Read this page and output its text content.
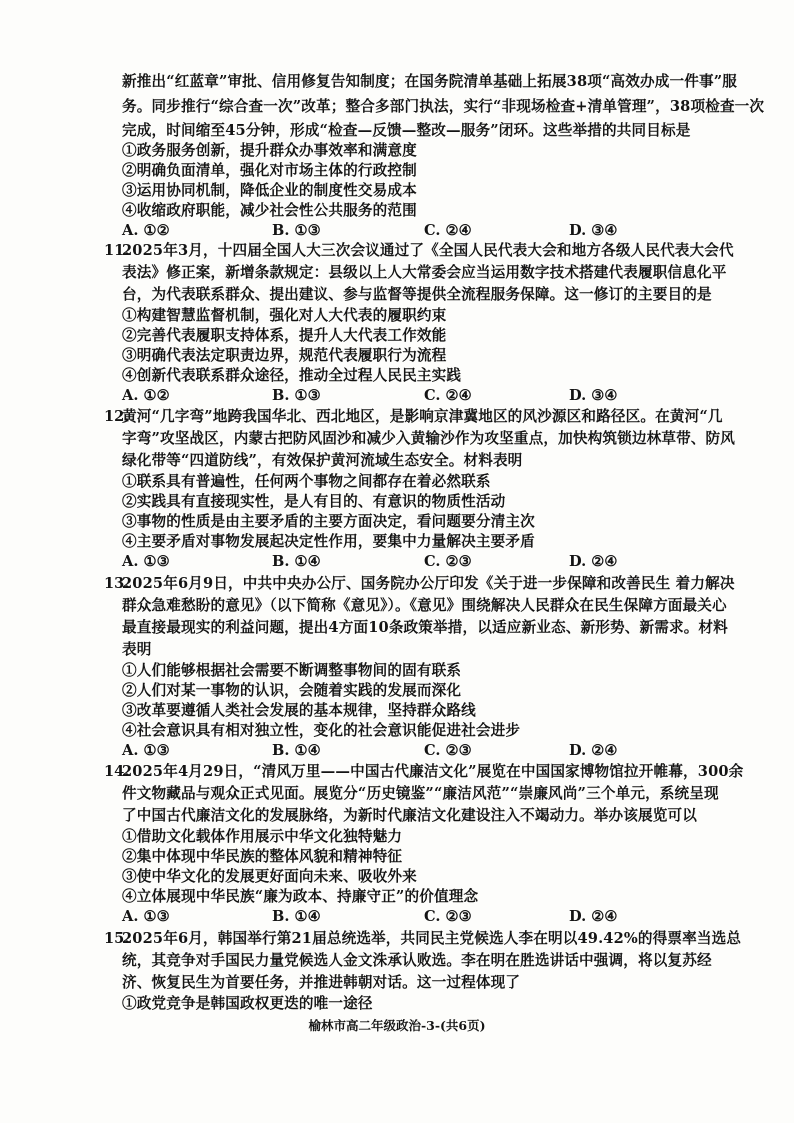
新推出“红蓝章”审批、信用修复告知制度；在国务院清单基础上拓展38项“高效办成一件事”服
务。同步推行“综合查一次”改革；整合多部门执法，实行“非现场检查+清单管理”，38项检查一次
完成，时间缩至45分钟，形成“检查—反馈—整改—服务”闭环。这些举措的共同目标是
①政务服务创新，提升群众办事效率和满意度
②明确负面清单，强化对市场主体的行政控制
③运用协同机制，降低企业的制度性交易成本
④收缩政府职能，减少社会性公共服务的范围
A. ①②	B. ①③	C. ②④	D. ③④
11.
2025年3月，十四届全国人大三次会议通过了《全国人民代表大会和地方各级人民代表大会代
表法》修正案，新增条款规定：县级以上人大常委会应当运用数字技术搭建代表履职信息化平
台，为代表联系群众、提出建议、参与监督等提供全流程服务保障。这一修订的主要目的是
①构建智慧监督机制，强化对人大代表的履职约束
②完善代表履职支持体系，提升人大代表工作效能
③明确代表法定职责边界，规范代表履职行为流程
④创新代表联系群众途径，推动全过程人民民主实践
A. ①②	B. ①③	C. ②④	D. ③④
12.
黄河“几字弯”地跨我国华北、西北地区，是影响京津冀地区的风沙源区和路径区。在黄河“几
字弯”攻坚战区，内蒙古把防风固沙和减少入黄输沙作为攻坚重点，加快构筑锁边林草带、防风
绿化带等“四道防线”，有效保护黄河流域生态安全。材料表明
①联系具有普遍性，任何两个事物之间都存在着必然联系
②实践具有直接现实性，是人有目的、有意识的物质性活动
③事物的性质是由主要矛盾的主要方面决定，看问题要分清主次
④主要矛盾对事物发展起决定性作用，要集中力量解决主要矛盾
A. ①③	B. ①④	C. ②③	D. ②④
13.
2025年6月9日，中共中央办公厅、国务院办公厅印发《关于进一步保障和改善民生 着力解决
群众急难愁盼的意见》（以下简称《意见》）。《意见》围绕解决人民群众在民生保障方面最关心
最直接最现实的利益问题，提出4方面10条政策举措，以适应新业态、新形势、新需求。材料
表明
①人们能够根据社会需要不断调整事物间的固有联系
②人们对某一事物的认识，会随着实践的发展而深化
③改革要遵循人类社会发展的基本规律，坚持群众路线
④社会意识具有相对独立性，变化的社会意识能促进社会进步
A. ①③	B. ①④	C. ②③	D. ②④
14.
2025年4月29日，“清风万里——中国古代廉洁文化”展览在中国国家博物馆拉开帷幕，300余
件文物藏品与观众正式见面。展览分“历史镜鉴”“廉洁风范”“崇廉风尚”三个单元，系统呈现
了中国古代廉洁文化的发展脉络，为新时代廉洁文化建设注入不竭动力。举办该展览可以
①借助文化载体作用展示中华文化独特魅力
②集中体现中华民族的整体风貌和精神特征
③使中华文化的发展更好面向未来、吸收外来
④立体展现中华民族“廉为政本、持廉守正”的价值理念
A. ①③	B. ①④	C. ②③	D. ②④
15.
2025年6月，韩国举行第21届总统选举，共同民主党候选人李在明以49.42%的得票率当选总
统，其竞争对手国民力量党候选人金文洙承认败选。李在明在胜选讲话中强调，将以复苏经
济、恢复民生为首要任务，并推进韩朝对话。这一过程体现了
①政党竞争是韩国政权更迭的唯一途径
榆林市高二年级政治-3-(共6页)
